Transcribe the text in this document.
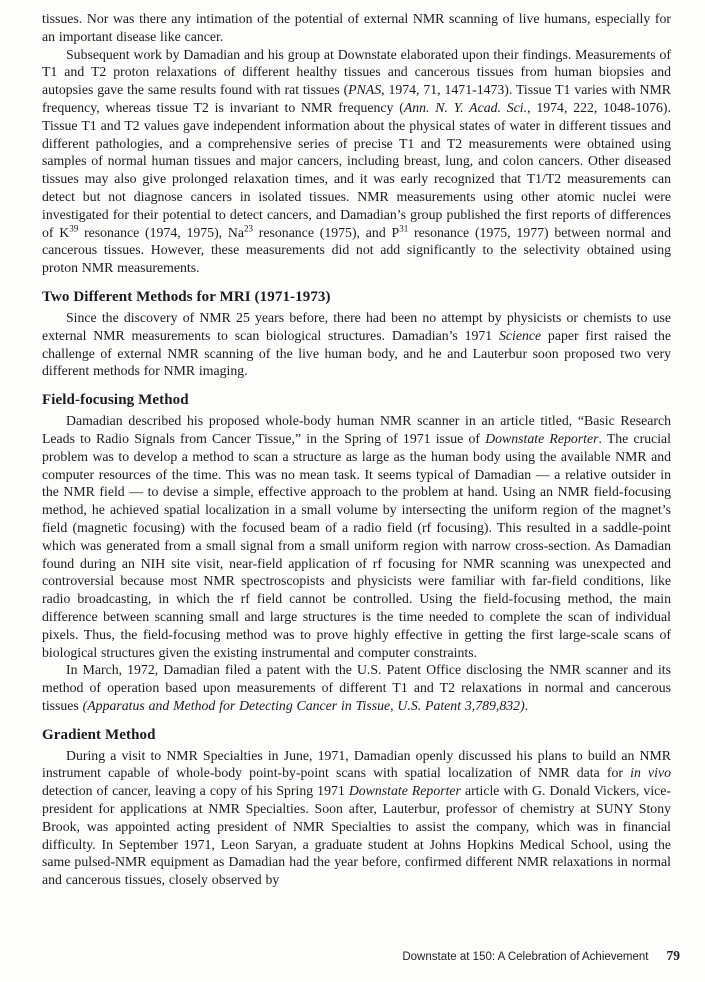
tissues. Nor was there any intimation of the potential of external NMR scanning of live humans, especially for an important disease like cancer.

Subsequent work by Damadian and his group at Downstate elaborated upon their findings. Measurements of T1 and T2 proton relaxations of different healthy tissues and cancerous tissues from human biopsies and autopsies gave the same results found with rat tissues (PNAS, 1974, 71, 1471-1473). Tissue T1 varies with NMR frequency, whereas tissue T2 is invariant to NMR frequency (Ann. N. Y. Acad. Sci., 1974, 222, 1048-1076). Tissue T1 and T2 values gave independent information about the physical states of water in different tissues and different pathologies, and a comprehensive series of precise T1 and T2 measurements were obtained using samples of normal human tissues and major cancers, including breast, lung, and colon cancers. Other diseased tissues may also give prolonged relaxation times, and it was early recognized that T1/T2 measurements can detect but not diagnose cancers in isolated tissues. NMR measurements using other atomic nuclei were investigated for their potential to detect cancers, and Damadian’s group published the first reports of differences of $K^{39}$ resonance (1974, 1975), Na$^{23}$ resonance (1975), and $P^{31}$ resonance (1975, 1977) between normal and cancerous tissues. However, these measurements did not add significantly to the selectivity obtained using proton NMR measurements.

Two Different Methods for MRI (1971-1973)

Since the discovery of NMR 25 years before, there had been no attempt by physicists or chemists to use external NMR measurements to scan biological structures. Damadian’s 1971 Science paper first raised the challenge of external NMR scanning of the live human body, and he and Lauterbur soon proposed two very different methods for NMR imaging.

Field-focusing Method

Damadian described his proposed whole-body human NMR scanner in an article titled, “Basic Research Leads to Radio Signals from Cancer Tissue,” in the Spring of 1971 issue of Downstate Reporter. The crucial problem was to develop a method to scan a structure as large as the human body using the available NMR and computer resources of the time. This was no mean task. It seems typical of Damadian — a relative outsider in the NMR field — to devise a simple, effective approach to the problem at hand. Using an NMR field-focusing method, he achieved spatial localization in a small volume by intersecting the uniform region of the magnet’s field (magnetic focusing) with the focused beam of a radio field (rf focusing). This resulted in a saddle-point which was generated from a small signal from a small uniform region with narrow cross-section. As Damadian found during an NIH site visit, near-field application of rf focusing for NMR scanning was unexpected and controversial because most NMR spectroscopists and physicists were familiar with far-field conditions, like radio broadcasting, in which the rf field cannot be controlled. Using the field-focusing method, the main difference between scanning small and large structures is the time needed to complete the scan of individual pixels. Thus, the field-focusing method was to prove highly effective in getting the first large-scale scans of biological structures given the existing instrumental and computer constraints.

In March, 1972, Damadian filed a patent with the U.S. Patent Office disclosing the NMR scanner and its method of operation based upon measurements of different T1 and T2 relaxations in normal and cancerous tissues (Apparatus and Method for Detecting Cancer in Tissue, U.S. Patent 3,789,832).

Gradient Method

During a visit to NMR Specialties in June, 1971, Damadian openly discussed his plans to build an NMR instrument capable of whole-body point-by-point scans with spatial localization of NMR data for in vivo detection of cancer, leaving a copy of his Spring 1971 Downstate Reporter article with G. Donald Vickers, vice-president for applications at NMR Specialties. Soon after, Lauterbur, professor of chemistry at SUNY Stony Brook, was appointed acting president of NMR Specialties to assist the company, which was in financial difficulty. In September 1971, Leon Saryan, a graduate student at Johns Hopkins Medical School, using the same pulsed-NMR equipment as Damadian had the year before, confirmed different NMR relaxations in normal and cancerous tissues, closely observed by

Downstate at 150: A Celebration of Achievement 79
